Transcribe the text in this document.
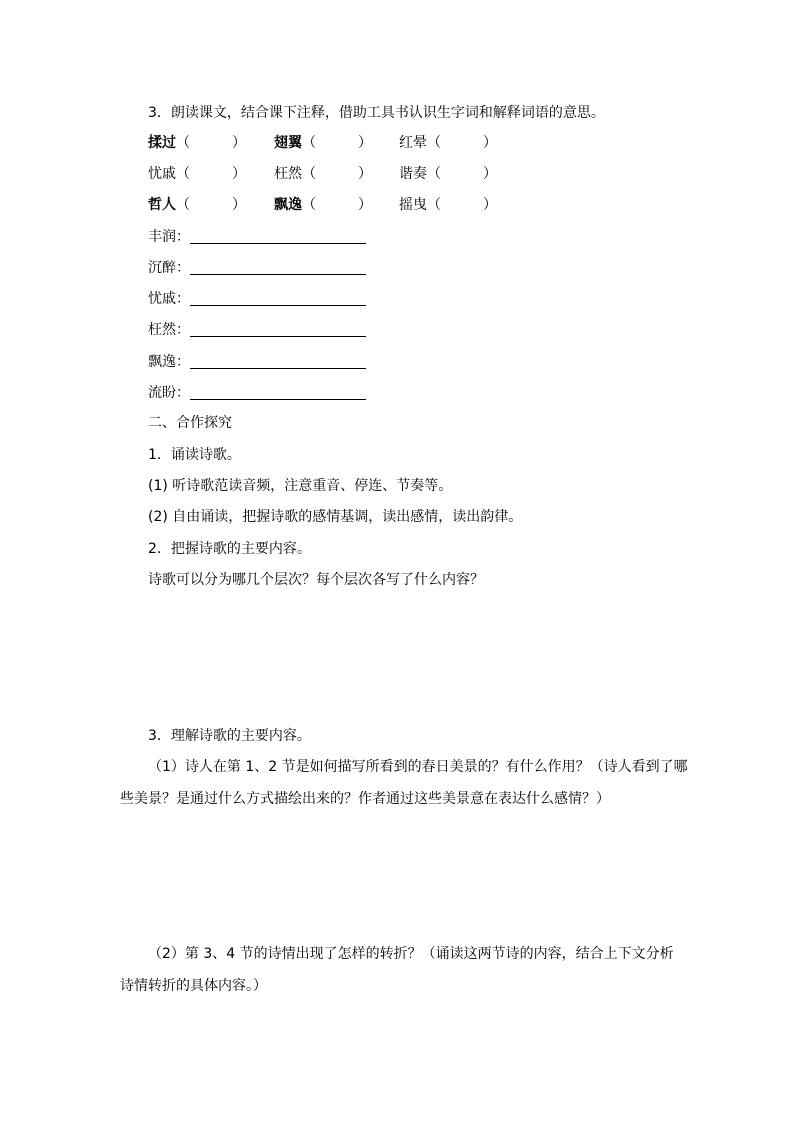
3．朗读课文，结合课下注释，借助工具书认识生字词和解释词语的意思。
揉过（　　　） 翅翼（　　　） 红晕（　　　）
忧戚（　　　） 枉然（　　　） 谐奏（　　　）
哲人（　　　） 飘逸（　　　） 摇曳（　　　）
丰润：
沉醉：
忧戚：
枉然：
飘逸：
流盼：
二、合作探究
1．诵读诗歌。
(1) 听诗歌范读音频，注意重音、停连、节奏等。
(2) 自由诵读，把握诗歌的感情基调，读出感情，读出韵律。
2．把握诗歌的主要内容。
诗歌可以分为哪几个层次？每个层次各写了什么内容？
3．理解诗歌的主要内容。
（1）诗人在第 1、2 节是如何描写所看到的春日美景的？有什么作用？（诗人看到了哪
些美景？是通过什么方式描绘出来的？作者通过这些美景意在表达什么感情？）
（2）第 3、4 节的诗情出现了怎样的转折？（诵读这两节诗的内容，结合上下文分析
诗情转折的具体内容。）
